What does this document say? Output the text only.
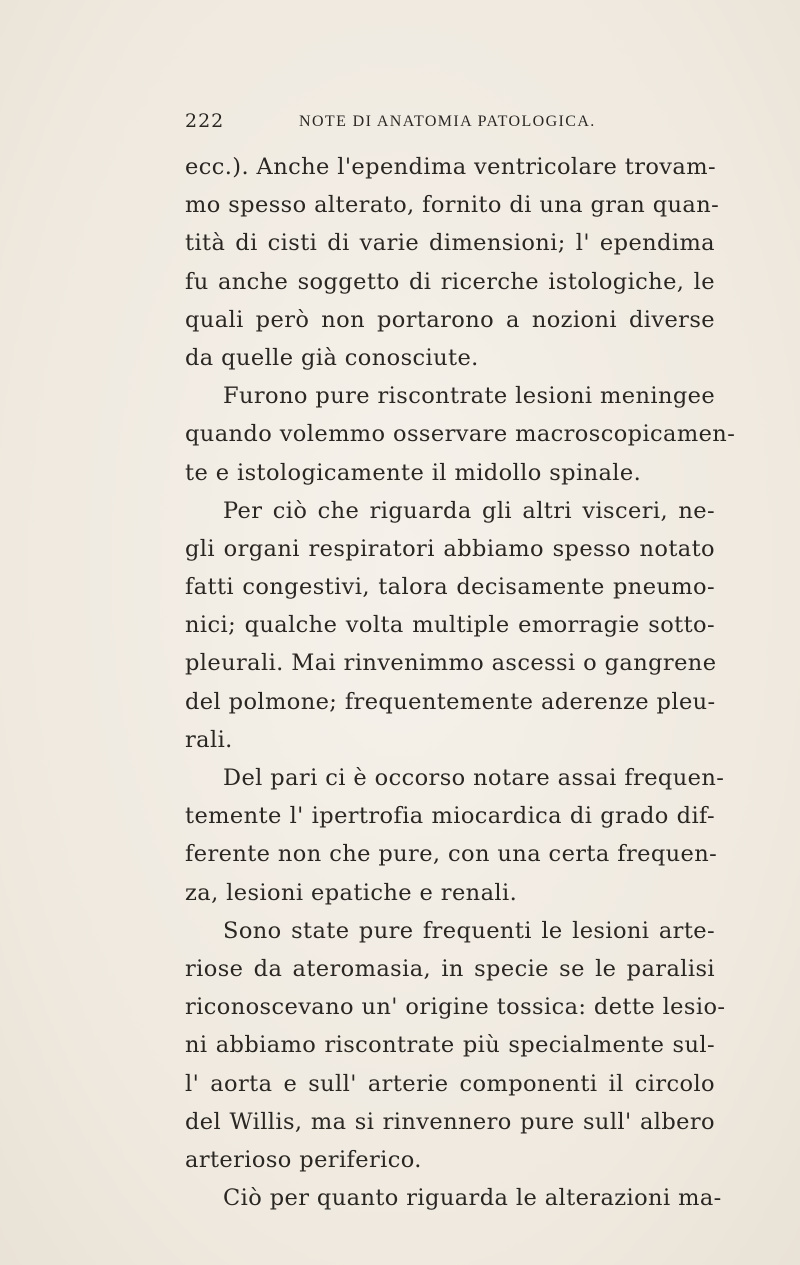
222	NOTE DI ANATOMIA PATOLOGICA.
ecc.). Anche l'ependima ventricolare trovam-
mo spesso alterato, fornito di una gran quan-
tità di cisti di varie dimensioni; l' ependima
fu anche soggetto di ricerche istologiche, le
quali però non portarono a nozioni diverse
da quelle già conosciute.
Furono pure riscontrate lesioni meningee
quando volemmo osservare macroscopicamen-
te e istologicamente il midollo spinale.
Per ciò che riguarda gli altri visceri, ne-
gli organi respiratori abbiamo spesso notato
fatti congestivi, talora decisamente pneumo-
nici; qualche volta multiple emorragie sotto-
pleurali. Mai rinvenimmo ascessi o gangrene
del polmone; frequentemente aderenze pleu-
rali.
Del pari ci è occorso notare assai frequen-
temente l' ipertrofia miocardica di grado dif-
ferente non che pure, con una certa frequen-
za, lesioni epatiche e renali.
Sono state pure frequenti le lesioni arte-
riose da ateromasia, in specie se le paralisi
riconoscevano un' origine tossica: dette lesio-
ni abbiamo riscontrate più specialmente sul-
l' aorta e sull' arterie componenti il circolo
del Willis, ma si rinvennero pure sull' albero
arterioso periferico.
Ciò per quanto riguarda le alterazioni ma-
